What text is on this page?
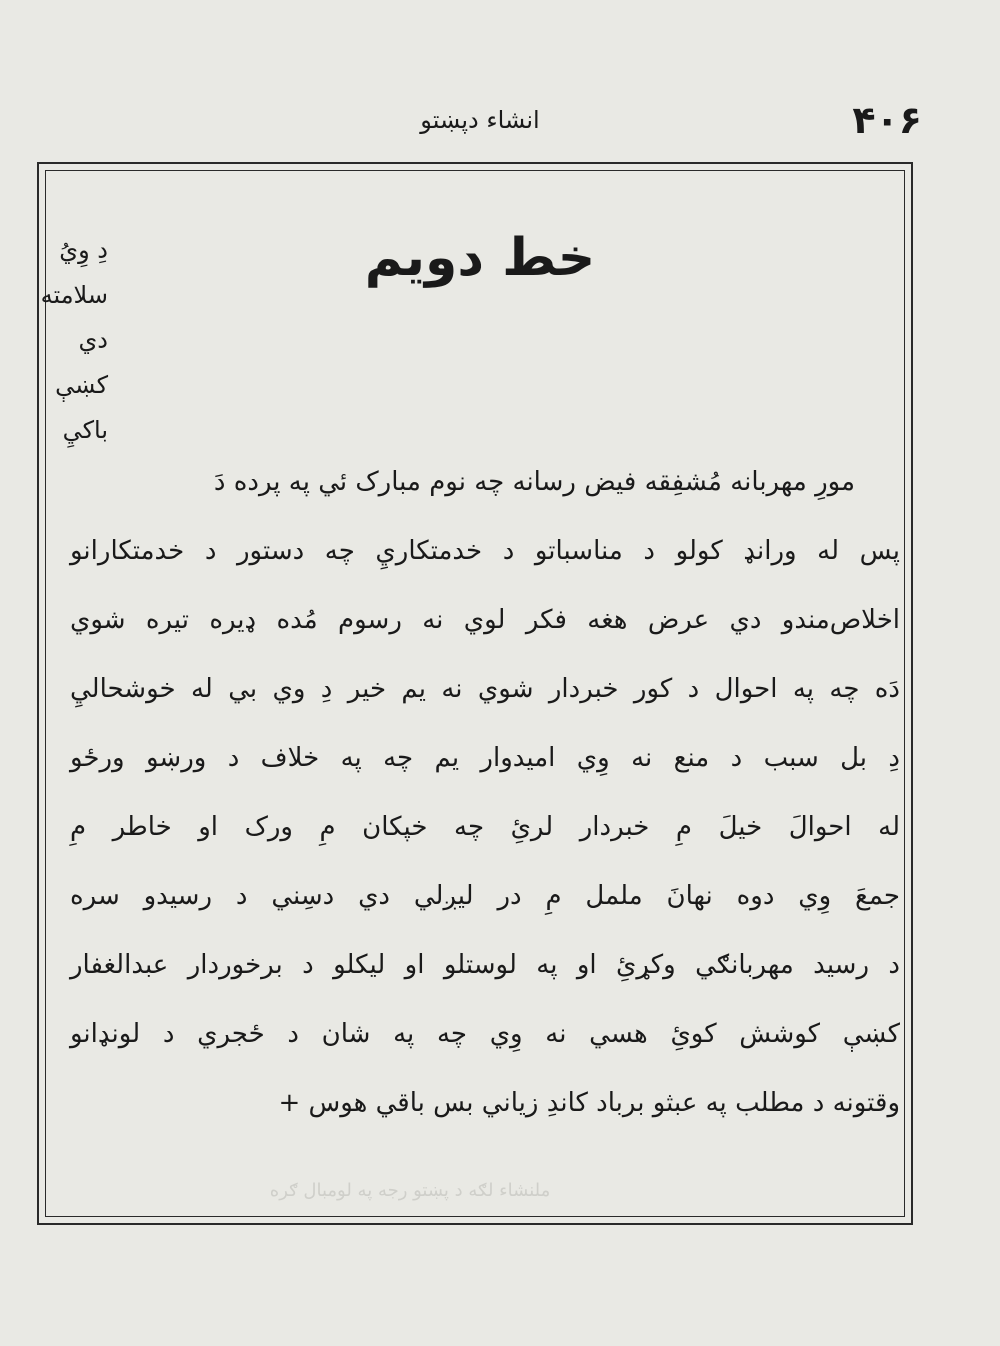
۴۰۶
انشاء دپښتو
خط دویم
دِ وِيُ
سلامته
دي
کښې
باکيِ
مورِ مهربانه مُشفِقه فیض رسانه چه نوم مبارک ئي په پرده دَ
پس له ورانډ کولو د مناسباتو د خدمتکاريِ چه دستور د خدمتکارانو
اخلاص‌مندو دي عرض هغه فکر لوي نه رسوم مُده ډیره تیره شوي
دَه چه په احوال د کور خبردار شوي نه یم خیر دِ وي بي له خوشحاليِ
دِ بل سبب د منع نه وِي امیدوار یم چه په خلاف د ورښو ورځو
له احوالَ خیلَ مِ خبردار لرئِ چه خپکان مِ ورک او خاطر مِ
جمعَ وِي دوه نهانَ ململ مِ در لیږلي دي دسِني د رسیدو سره
د رسید مهربانګي وکړئِ او په لوستلو او لیکلو د برخوردار عبدالغفار
کښې کوشش کوئِ هسي نه وِي چه په شان د ځجري د لونډانو
وقتونه د مطلب په عبثو برباد کاندِ زیاني بس باقي هوس +
ملنشاء لګه د پښتو رجه په لومبال ګره
